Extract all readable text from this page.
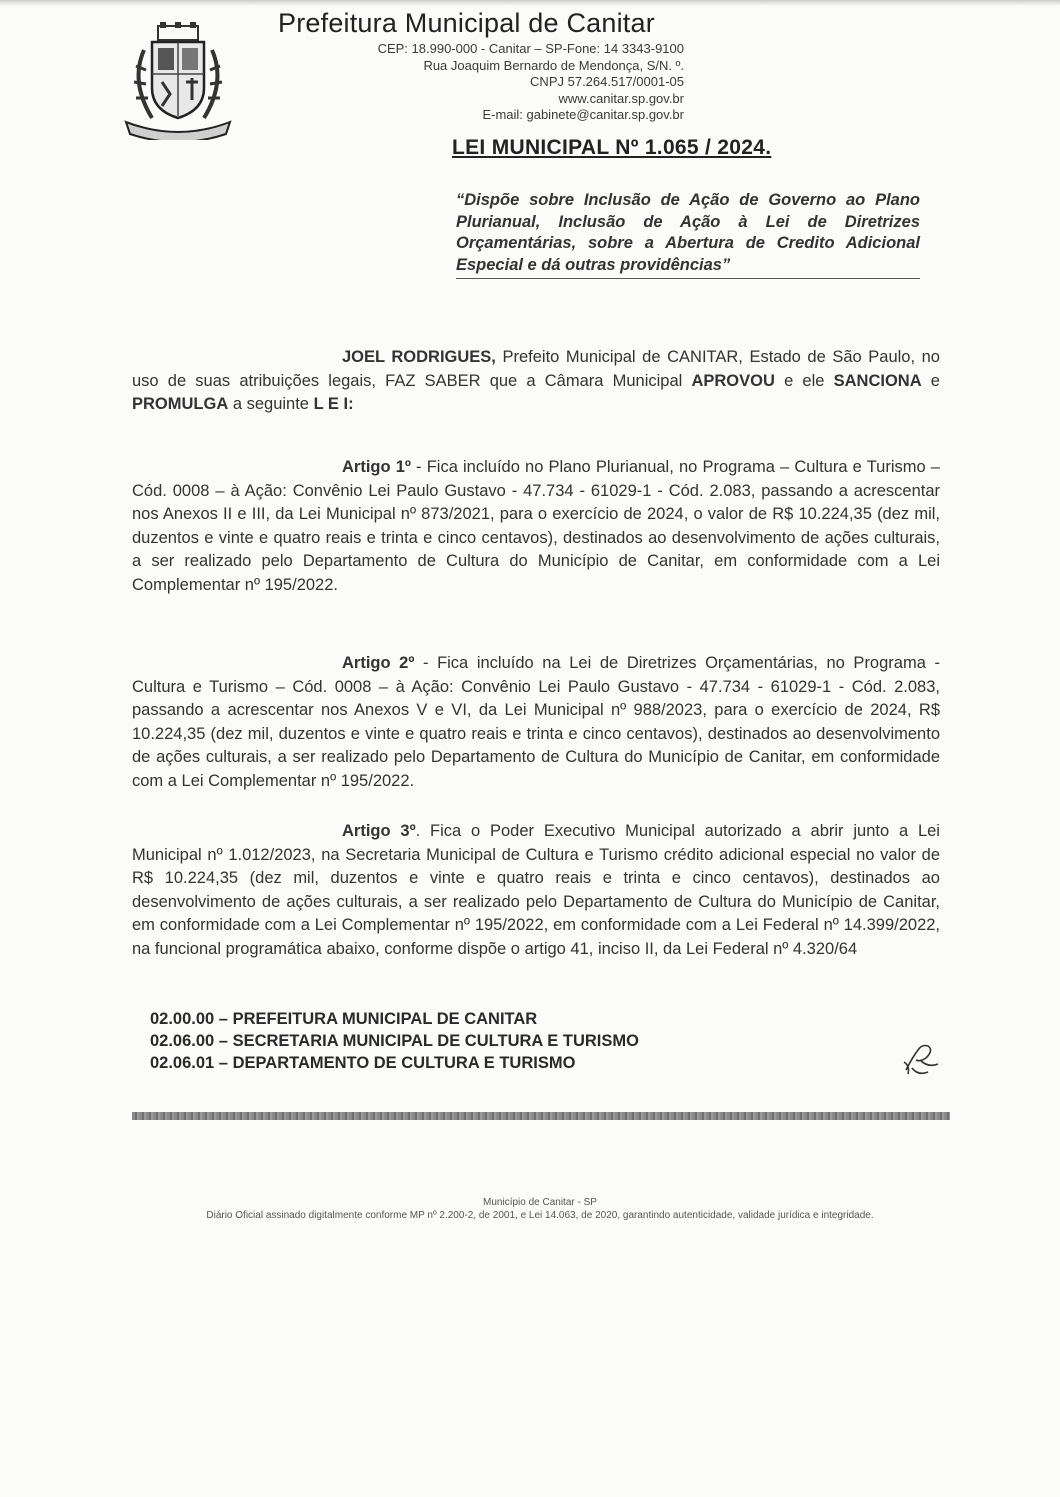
Prefeitura Municipal de Canitar
CEP: 18.990-000 - Canitar – SP-Fone: 14 3343-9100
Rua Joaquim Bernardo de Mendonça, S/N. º.
CNPJ 57.264.517/0001-05
www.canitar.sp.gov.br
E-mail: gabinete@canitar.sp.gov.br
LEI MUNICIPAL Nº 1.065 / 2024.
“Dispõe sobre Inclusão de Ação de Governo ao Plano Plurianual, Inclusão de Ação à Lei de Diretrizes Orçamentárias, sobre a Abertura de Credito Adicional Especial e dá outras providências”

JOEL RODRIGUES, Prefeito Municipal de CANITAR, Estado de São Paulo, no uso de suas atribuições legais, FAZ SABER que a Câmara Municipal APROVOU e ele SANCIONA e PROMULGA a seguinte L E I:

Artigo 1º - Fica incluído no Plano Plurianual, no Programa – Cultura e Turismo – Cód. 0008 – à Ação: Convênio Lei Paulo Gustavo - 47.734 - 61029-1 - Cód. 2.083, passando a acrescentar nos Anexos II e III, da Lei Municipal nº 873/2021, para o exercício de 2024, o valor de R$ 10.224,35 (dez mil, duzentos e vinte e quatro reais e trinta e cinco centavos), destinados ao desenvolvimento de ações culturais, a ser realizado pelo Departamento de Cultura do Município de Canitar, em conformidade com a Lei Complementar nº 195/2022.

Artigo 2º - Fica incluído na Lei de Diretrizes Orçamentárias, no Programa - Cultura e Turismo – Cód. 0008 – à Ação: Convênio Lei Paulo Gustavo - 47.734 - 61029-1 - Cód. 2.083, passando a acrescentar nos Anexos V e VI, da Lei Municipal nº 988/2023, para o exercício de 2024, R$ 10.224,35 (dez mil, duzentos e vinte e quatro reais e trinta e cinco centavos), destinados ao desenvolvimento de ações culturais, a ser realizado pelo Departamento de Cultura do Município de Canitar, em conformidade com a Lei Complementar nº 195/2022.

Artigo 3º. Fica o Poder Executivo Municipal autorizado a abrir junto a Lei Municipal nº 1.012/2023, na Secretaria Municipal de Cultura e Turismo crédito adicional especial no valor de R$ 10.224,35 (dez mil, duzentos e vinte e quatro reais e trinta e cinco centavos), destinados ao desenvolvimento de ações culturais, a ser realizado pelo Departamento de Cultura do Município de Canitar, em conformidade com a Lei Complementar nº 195/2022, em conformidade com a Lei Federal nº 14.399/2022, na funcional programática abaixo, conforme dispõe o artigo 41, inciso II, da Lei Federal nº 4.320/64

02.00.00 – PREFEITURA MUNICIPAL DE CANITAR
02.06.00 – SECRETARIA MUNICIPAL DE CULTURA E TURISMO
02.06.01 – DEPARTAMENTO DE CULTURA E TURISMO
Município de Canitar - SP
Diário Oficial assinado digitalmente conforme MP nº 2.200-2, de 2001, e Lei 14.063, de 2020, garantindo autenticidade, validade jurídica e integridade.
